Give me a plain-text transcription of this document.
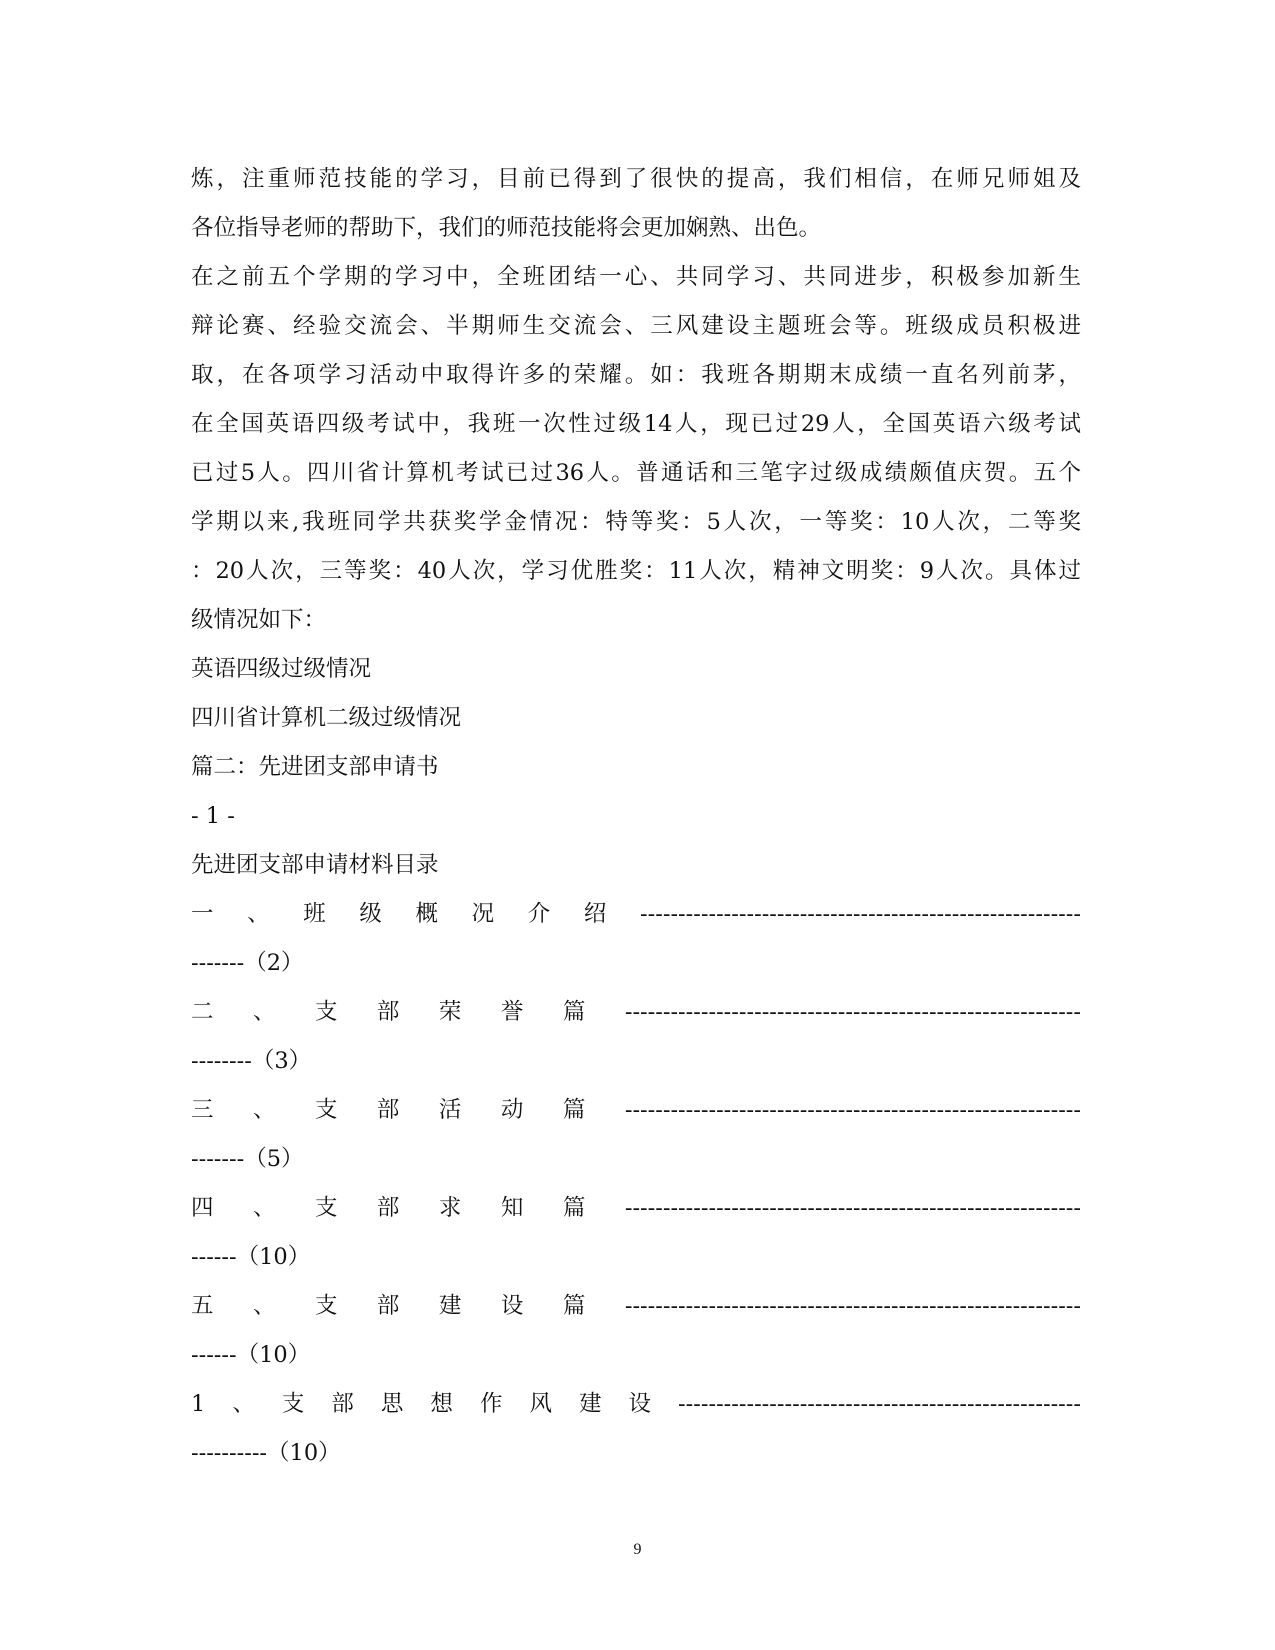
炼，注重师范技能的学习，目前已得到了很快的提高，我们相信，在师兄师姐及
各位指导老师的帮助下，我们的师范技能将会更加娴熟、出色。
在之前五个学期的学习中，全班团结一心、共同学习、共同进步，积极参加新生
辩论赛、经验交流会、半期师生交流会、三风建设主题班会等。班级成员积极进
取，在各项学习活动中取得许多的荣耀。如：我班各期期末成绩一直名列前茅，
在全国英语四级考试中，我班一次性过级14人，现已过29人，全国英语六级考试
已过5人。四川省计算机考试已过36人。普通话和三笔字过级成绩颇值庆贺。五个
学期以来,我班同学共获奖学金情况：特等奖：5人次，一等奖：10人次，二等奖
：20人次，三等奖：40人次，学习优胜奖：11人次，精神文明奖：9人次。具体过
级情况如下：
英语四级过级情况
四川省计算机二级过级情况
篇二：先进团支部申请书
- 1 -
先进团支部申请材料目录
一、班级概况介绍----------------------------------------------------------
-------（2）
二、支部荣誉篇------------------------------------------------------------
--------（3）
三、支部活动篇------------------------------------------------------------
-------（5）
四、支部求知篇------------------------------------------------------------
------（10）
五、支部建设篇------------------------------------------------------------
------（10）
1、支部思想作风建设-----------------------------------------------------
----------（10）
9
